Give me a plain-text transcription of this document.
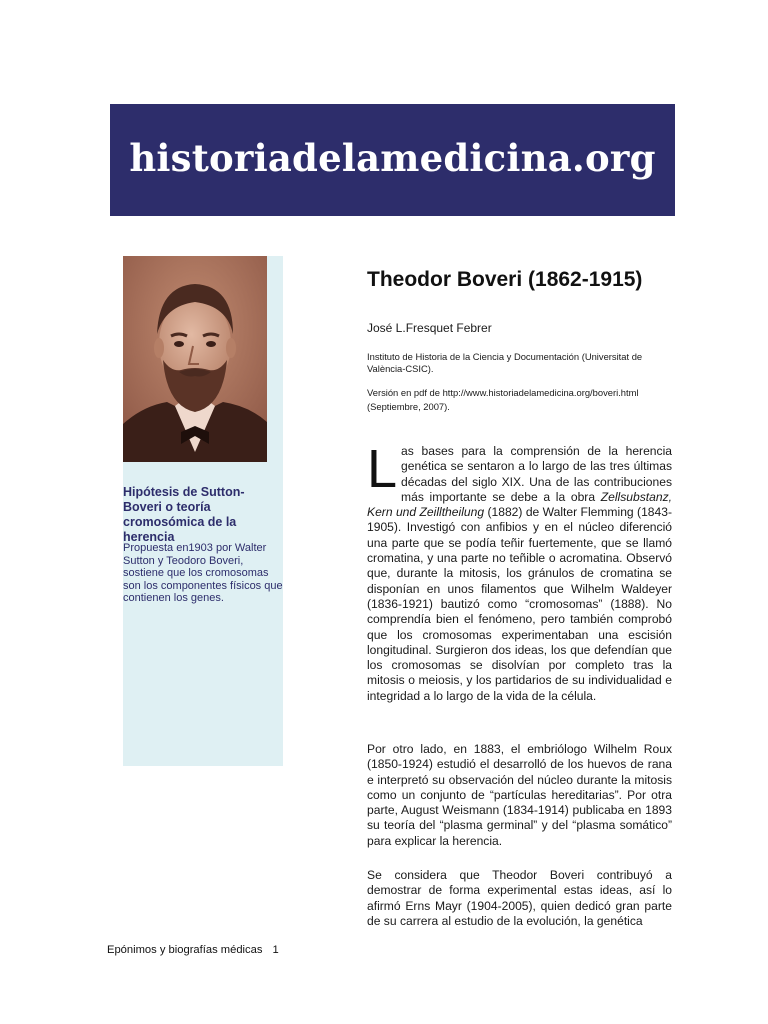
historiadelamedicina.org

Hipótesis de Sutton-Boveri o teoría cromosómica de la herencia

Propuesta en1903 por Walter Sutton y Teodoro Boveri, sostiene que los cromosomas son los componentes físicos que contienen los genes.

Theodor Boveri (1862-1915)

José L.Fresquet Febrer

Instituto de Historia de la Ciencia y Documentación (Universitat de València-CSIC).

Versión en pdf de http://www.historiadelamedicina.org/boveri.html (Septiembre, 2007).

Las bases para la comprensión de la herencia genética se sentaron a lo largo de las tres últimas décadas del siglo XIX. Una de las contribuciones más importante se debe a la obra Zellsubstanz, Kern und Zeilltheilung (1882) de Walter Flemming (1843-1905). Investigó con anfibios y en el núcleo diferenció una parte que se podía teñir fuertemente, que se llamó cromatina, y una parte no teñible o acromatina. Observó que, durante la mitosis, los gránulos de cromatina se disponían en unos filamentos que Wilhelm Waldeyer (1836-1921) bautizó como “cromosomas” (1888). No comprendía bien el fenómeno, pero también comprobó que los cromosomas experimentaban una escisión longitudinal. Surgieron dos ideas, los que defendían que los cromosomas se disolvían por completo tras la mitosis o meiosis, y los partidarios de su individualidad e integridad a lo largo de la vida de la célula.

Por otro lado, en 1883, el embriólogo Wilhelm Roux (1850-1924) estudió el desarrolló de los huevos de rana e interpretó su observación del núcleo durante la mitosis como un conjunto de “partículas hereditarias”. Por otra parte, August Weismann (1834-1914) publicaba en 1893 su teoría del “plasma germinal” y del “plasma somático” para explicar la herencia.

Se considera que Theodor Boveri contribuyó a demostrar de forma experimental estas ideas, así lo afirmó Erns Mayr (1904-2005), quien dedicó gran parte de su carrera al estudio de la evolución, la genética

Epónimos y biografías médicas 1
